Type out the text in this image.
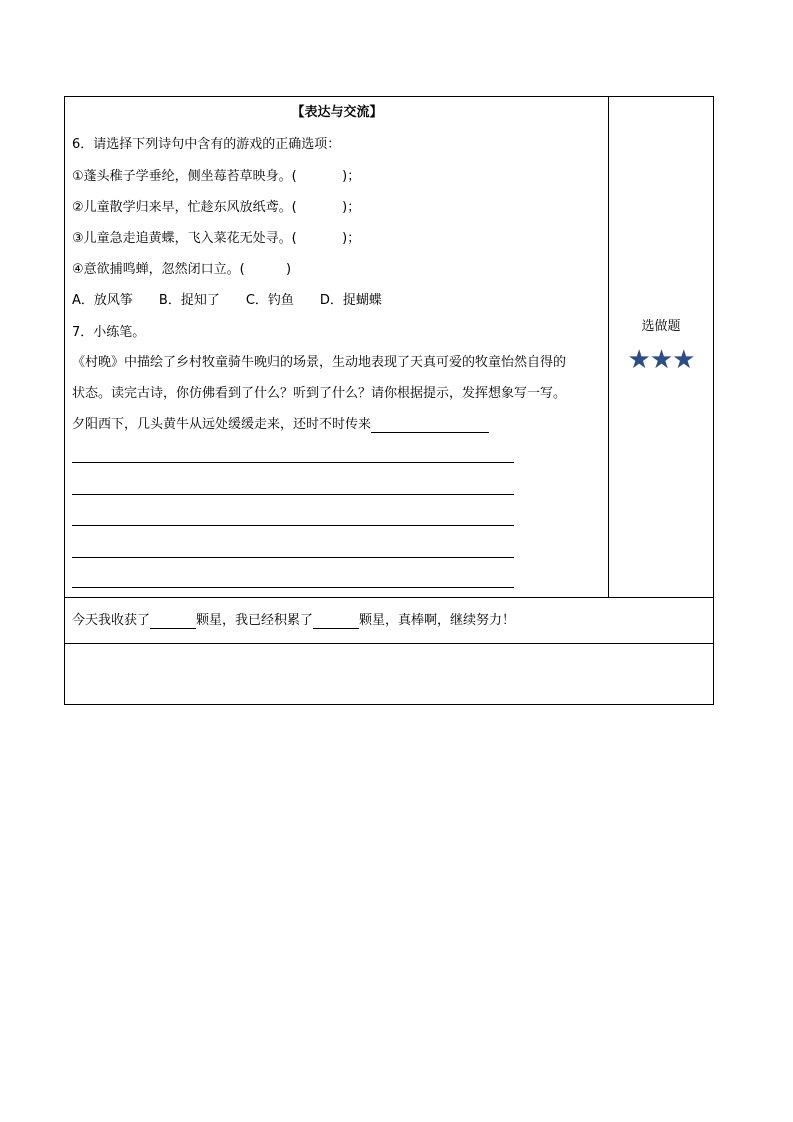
【表达与交流】
6．请选择下列诗句中含有的游戏的正确选项：
①蓬头稚子学垂纶，侧坐莓苔草映身。(           )；
②儿童散学归来早，忙趁东风放纸鸢。(           )；
③儿童急走追黄蝶，飞入菜花无处寻。(           )；
④意欲捕鸣蝉，忽然闭口立。(          )
A．放风筝 B．捉知了 C．钓鱼 D．捉蝴蝶
7．小练笔。
《村晚》中描绘了乡村牧童骑牛晚归的场景，生动地表现了天真可爱的牧童怡然自得的
状态。读完古诗，你仿佛看到了什么？听到了什么？请你根据提示，发挥想象写一写。
夕阳西下，几头黄牛从远处缓缓走来，还时不时传来
选做题
★★★
今天我收获了	颗星，我已经积累了	颗星，真棒啊，继续努力！
